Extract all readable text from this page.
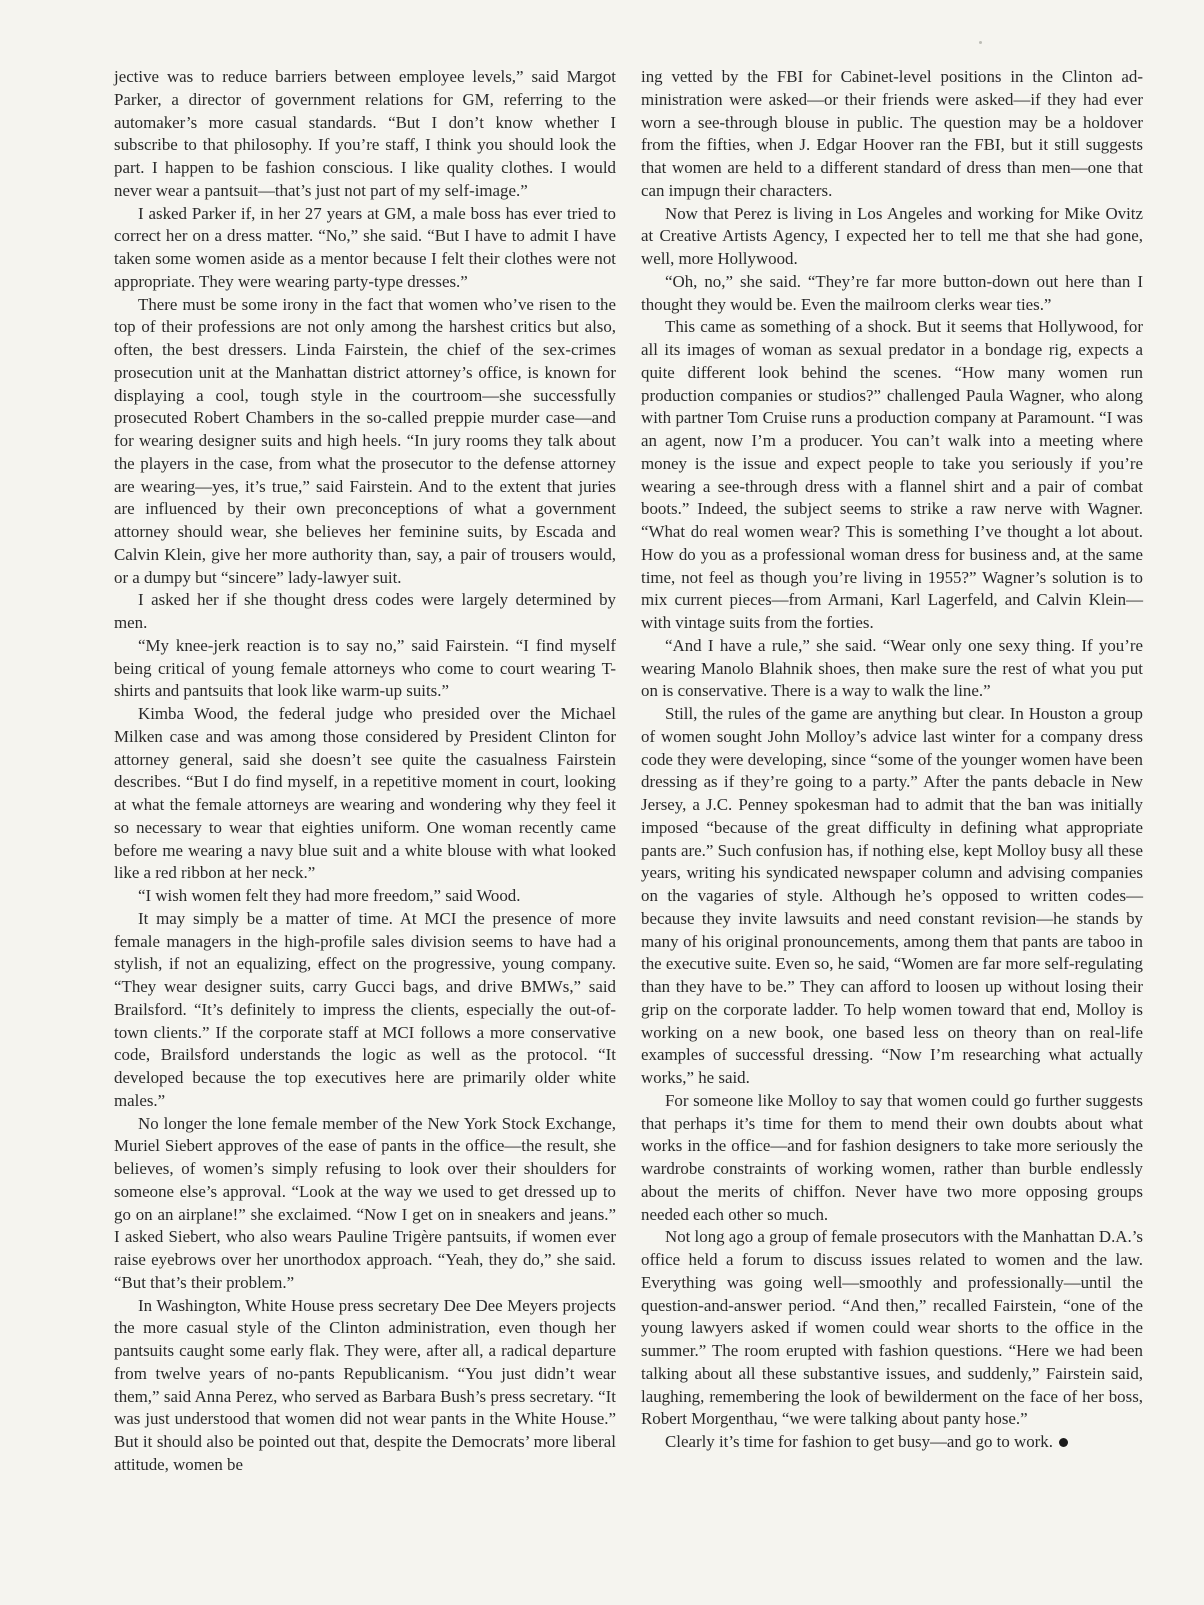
jective was to reduce barriers between employee levels,” said Margot Parker, a director of government relations for GM, referring to the automaker’s more casual standards. “But I don’t know whether I subscribe to that philosophy. If you’re staff, I think you should look the part. I happen to be fashion conscious. I like quality clothes. I would never wear a pantsuit—that’s just not part of my self-image.”

I asked Parker if, in her 27 years at GM, a male boss has ever tried to correct her on a dress matter. “No,” she said. “But I have to admit I have taken some women aside as a mentor because I felt their clothes were not appropriate. They were wearing party-type dresses.”

There must be some irony in the fact that women who’ve risen to the top of their professions are not only among the harshest critics but also, often, the best dressers. Linda Fairstein, the chief of the sex-crimes prosecution unit at the Manhattan district attorney’s office, is known for displaying a cool, tough style in the courtroom—she successfully prosecuted Robert Chambers in the so-called preppie murder case—and for wearing designer suits and high heels. “In jury rooms they talk about the players in the case, from what the prosecutor to the defense attorney are wearing—yes, it’s true,” said Fairstein. And to the extent that juries are influenced by their own preconceptions of what a government attorney should wear, she believes her feminine suits, by Escada and Calvin Klein, give her more authority than, say, a pair of trousers would, or a dumpy but “sincere” lady-lawyer suit.

I asked her if she thought dress codes were largely determined by men.

“My knee-jerk reaction is to say no,” said Fairstein. “I find myself being critical of young female attorneys who come to court wearing T-shirts and pantsuits that look like warm-up suits.”

Kimba Wood, the federal judge who presided over the Michael Milken case and was among those considered by President Clinton for attorney general, said she doesn’t see quite the casualness Fairstein describes. “But I do find myself, in a repetitive moment in court, looking at what the female attorneys are wearing and wondering why they feel it so necessary to wear that eighties uniform. One woman recently came before me wearing a navy blue suit and a white blouse with what looked like a red ribbon at her neck.”

“I wish women felt they had more freedom,” said Wood.

It may simply be a matter of time. At MCI the presence of more female managers in the high-profile sales division seems to have had a stylish, if not an equalizing, effect on the progressive, young company. “They wear designer suits, carry Gucci bags, and drive BMWs,” said Brailsford. “It’s definitely to impress the clients, especially the out-of-town clients.” If the corporate staff at MCI follows a more conservative code, Brailsford understands the logic as well as the protocol. “It developed because the top executives here are primarily older white males.”

No longer the lone female member of the New York Stock Exchange, Muriel Siebert approves of the ease of pants in the office—the result, she believes, of women’s simply refusing to look over their shoulders for someone else’s approval. “Look at the way we used to get dressed up to go on an airplane!” she exclaimed. “Now I get on in sneakers and jeans.” I asked Siebert, who also wears Pauline Trigère pantsuits, if women ever raise eyebrows over her unorthodox approach. “Yeah, they do,” she said. “But that’s their problem.”

In Washington, White House press secretary Dee Dee Meyers projects the more casual style of the Clinton administration, even though her pantsuits caught some early flak. They were, after all, a radical departure from twelve years of no-pants Republicanism. “You just didn’t wear them,” said Anna Perez, who served as Barbara Bush’s press secretary. “It was just understood that women did not wear pants in the White House.” But it should also be pointed out that, despite the Democrats’ more liberal attitude, women be

ing vetted by the FBI for Cabinet-level positions in the Clinton administration were asked—or their friends were asked—if they had ever worn a see-through blouse in public. The question may be a holdover from the fifties, when J. Edgar Hoover ran the FBI, but it still suggests that women are held to a different standard of dress than men—one that can impugn their characters.

Now that Perez is living in Los Angeles and working for Mike Ovitz at Creative Artists Agency, I expected her to tell me that she had gone, well, more Hollywood.

“Oh, no,” she said. “They’re far more button-down out here than I thought they would be. Even the mailroom clerks wear ties.”

This came as something of a shock. But it seems that Hollywood, for all its images of woman as sexual predator in a bondage rig, expects a quite different look behind the scenes. “How many women run production companies or studios?” challenged Paula Wagner, who along with partner Tom Cruise runs a production company at Paramount. “I was an agent, now I’m a producer. You can’t walk into a meeting where money is the issue and expect people to take you seriously if you’re wearing a see-through dress with a flannel shirt and a pair of combat boots.” Indeed, the subject seems to strike a raw nerve with Wagner. “What do real women wear? This is something I’ve thought a lot about. How do you as a professional woman dress for business and, at the same time, not feel as though you’re living in 1955?” Wagner’s solution is to mix current pieces—from Armani, Karl Lagerfeld, and Calvin Klein—with vintage suits from the forties.

“And I have a rule,” she said. “Wear only one sexy thing. If you’re wearing Manolo Blahnik shoes, then make sure the rest of what you put on is conservative. There is a way to walk the line.”

Still, the rules of the game are anything but clear. In Houston a group of women sought John Molloy’s advice last winter for a company dress code they were developing, since “some of the younger women have been dressing as if they’re going to a party.” After the pants debacle in New Jersey, a J.C. Penney spokesman had to admit that the ban was initially imposed “because of the great difficulty in defining what appropriate pants are.” Such confusion has, if nothing else, kept Molloy busy all these years, writing his syndicated newspaper column and advising companies on the vagaries of style. Although he’s opposed to written codes—because they invite lawsuits and need constant revision—he stands by many of his original pronouncements, among them that pants are taboo in the executive suite. Even so, he said, “Women are far more self-regulating than they have to be.” They can afford to loosen up without losing their grip on the corporate ladder. To help women toward that end, Molloy is working on a new book, one based less on theory than on real-life examples of successful dressing. “Now I’m researching what actually works,” he said.

For someone like Molloy to say that women could go further suggests that perhaps it’s time for them to mend their own doubts about what works in the office—and for fashion designers to take more seriously the wardrobe constraints of working women, rather than burble endlessly about the merits of chiffon. Never have two more opposing groups needed each other so much.

Not long ago a group of female prosecutors with the Manhattan D.A.’s office held a forum to discuss issues related to women and the law. Everything was going well—smoothly and professionally—until the question-and-answer period. “And then,” recalled Fairstein, “one of the young lawyers asked if women could wear shorts to the office in the summer.” The room erupted with fashion questions. “Here we had been talking about all these substantive issues, and suddenly,” Fairstein said, laughing, remembering the look of bewilderment on the face of her boss, Robert Morgenthau, “we were talking about panty hose.”

Clearly it’s time for fashion to get busy—and go to work.
